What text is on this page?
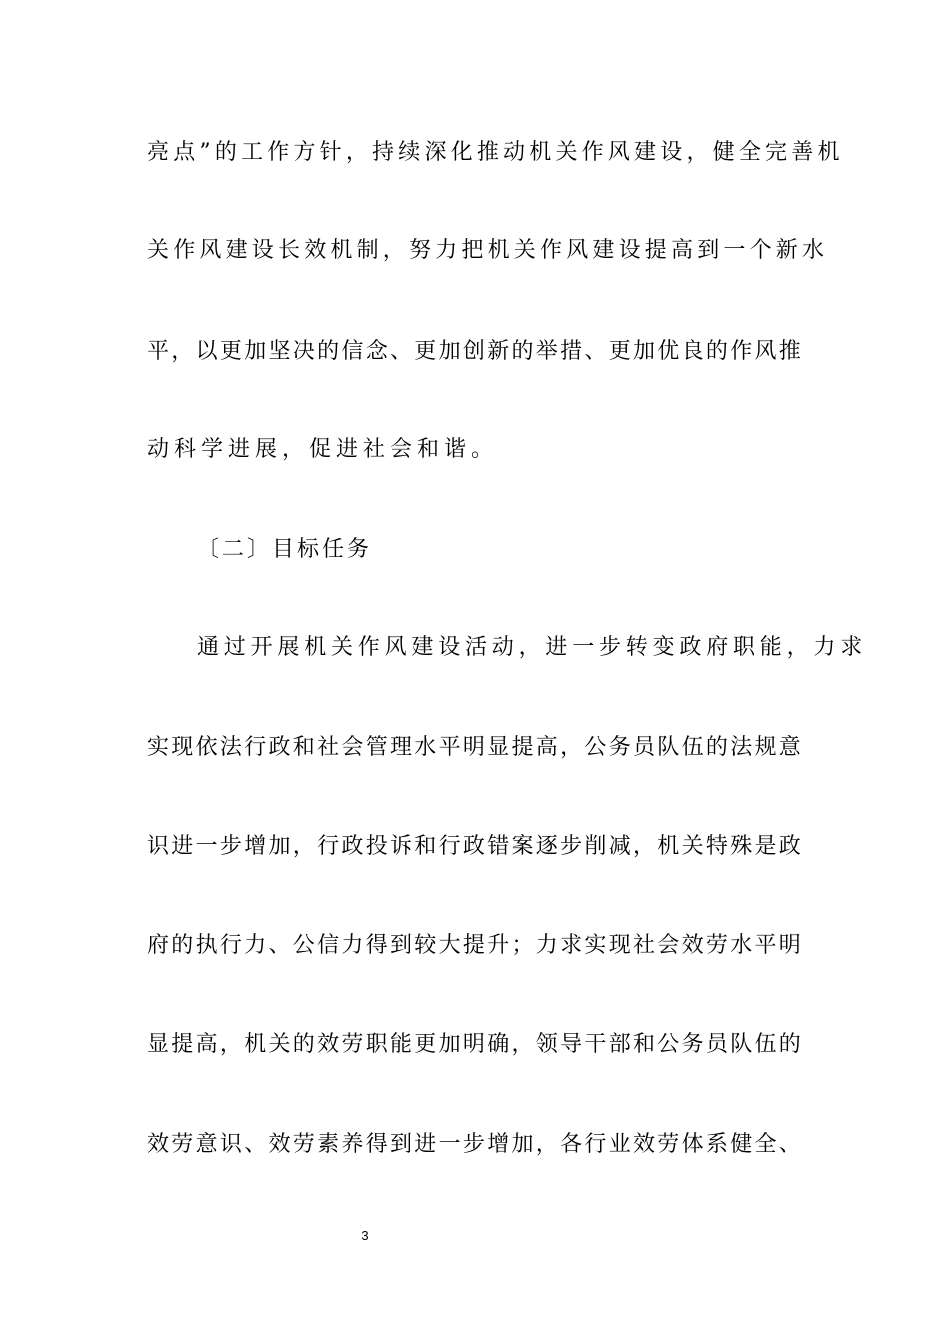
亮点”的工作方针，持续深化推动机关作风建设，健全完善机
关作风建设长效机制，努力把机关作风建设提高到一个新水
平，以更加坚决的信念、更加创新的举措、更加优良的作风推
动科学进展，促进社会和谐。
〔二〕目标任务
通过开展机关作风建设活动，进一步转变政府职能，力求
实现依法行政和社会管理水平明显提高，公务员队伍的法规意
识进一步增加，行政投诉和行政错案逐步削减，机关特殊是政
府的执行力、公信力得到较大提升；力求实现社会效劳水平明
显提高，机关的效劳职能更加明确，领导干部和公务员队伍的
效劳意识、效劳素养得到进一步增加，各行业效劳体系健全、
3
